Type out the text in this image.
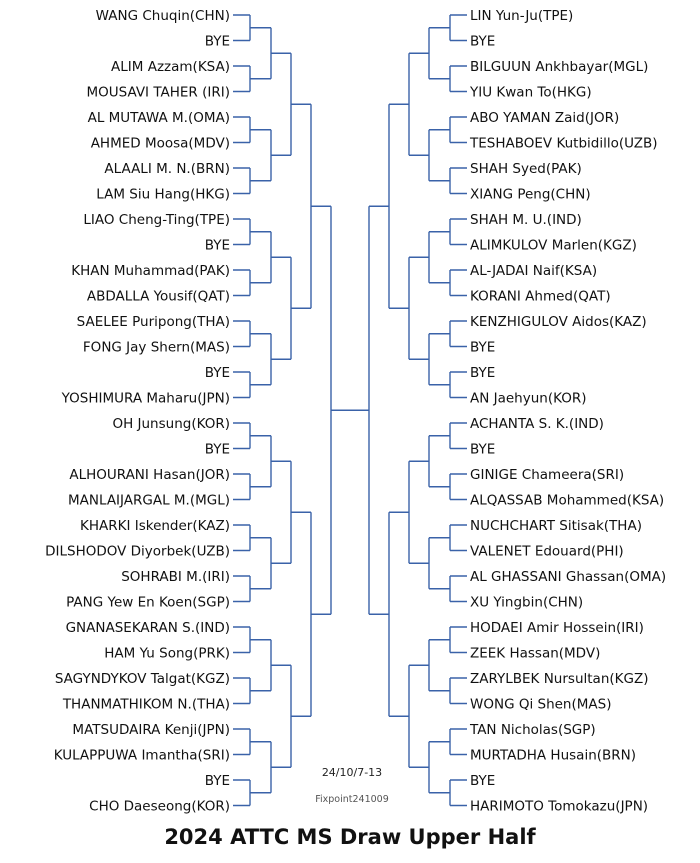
WANG Chuqin(CHN)
BYE
ALIM Azzam(KSA)
MOUSAVI TAHER (IRI)
AL MUTAWA M.(OMA)
AHMED Moosa(MDV)
ALAALI M. N.(BRN)
LAM Siu Hang(HKG)
LIAO Cheng-Ting(TPE)
BYE
KHAN Muhammad(PAK)
ABDALLA Yousif(QAT)
SAELEE Puripong(THA)
FONG Jay Shern(MAS)
BYE
YOSHIMURA Maharu(JPN)
OH Junsung(KOR)
BYE
ALHOURANI Hasan(JOR)
MANLAIJARGAL M.(MGL)
KHARKI Iskender(KAZ)
DILSHODOV Diyorbek(UZB)
SOHRABI M.(IRI)
PANG Yew En Koen(SGP)
GNANASEKARAN S.(IND)
HAM Yu Song(PRK)
SAGYNDYKOV Talgat(KGZ)
THANMATHIKOM N.(THA)
MATSUDAIRA Kenji(JPN)
KULAPPUWA Imantha(SRI)
BYE
CHO Daeseong(KOR)
LIN Yun-Ju(TPE)
BYE
BILGUUN Ankhbayar(MGL)
YIU Kwan To(HKG)
ABO YAMAN Zaid(JOR)
TESHABOEV Kutbidillo(UZB)
SHAH Syed(PAK)
XIANG Peng(CHN)
SHAH M. U.(IND)
ALIMKULOV Marlen(KGZ)
AL-JADAI Naif(KSA)
KORANI Ahmed(QAT)
KENZHIGULOV Aidos(KAZ)
BYE
BYE
AN Jaehyun(KOR)
ACHANTA S. K.(IND)
BYE
GINIGE Chameera(SRI)
ALQASSAB Mohammed(KSA)
NUCHCHART Sitisak(THA)
VALENET Edouard(PHI)
AL GHASSANI Ghassan(OMA)
XU Yingbin(CHN)
HODAEI Amir Hossein(IRI)
ZEEK Hassan(MDV)
ZARYLBEK Nursultan(KGZ)
WONG Qi Shen(MAS)
TAN Nicholas(SGP)
MURTADHA Husain(BRN)
BYE
HARIMOTO Tomokazu(JPN)
24/10/7-13
Fixpoint241009
2024 ATTC MS Draw Upper Half
